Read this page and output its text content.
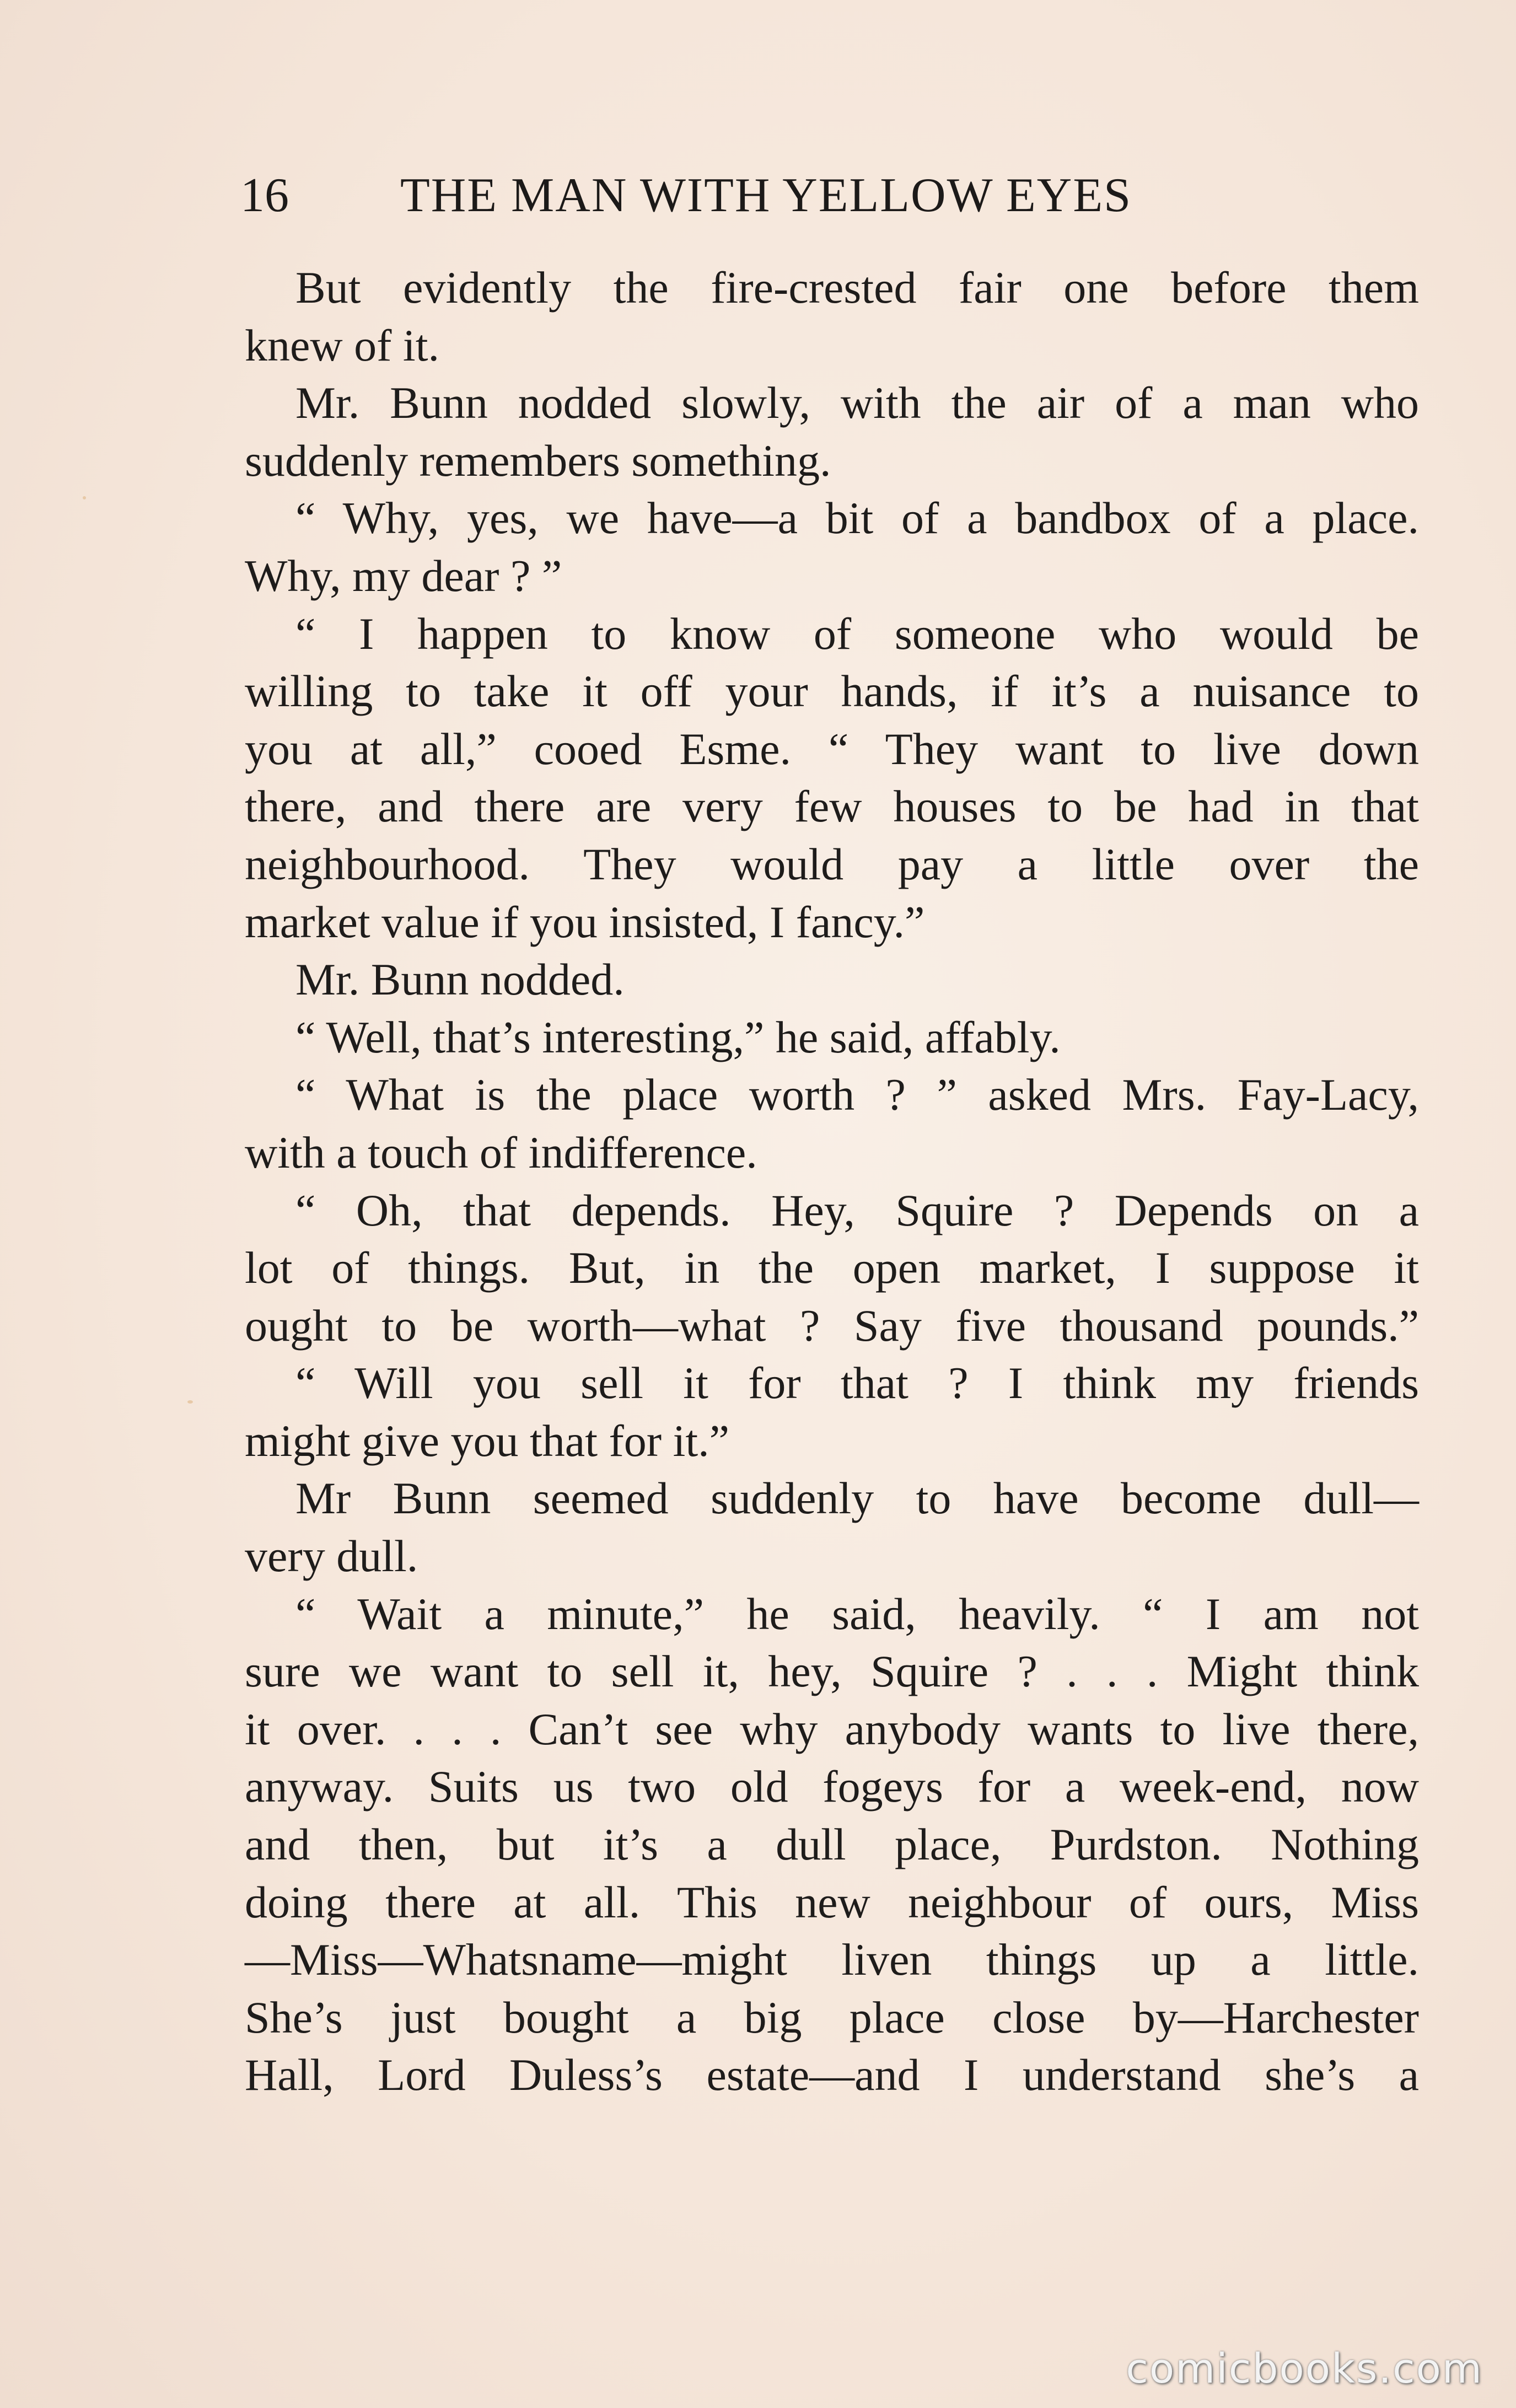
16 THE MAN WITH YELLOW EYES
But evidently the fire-crested fair one before them
knew of it.
Mr. Bunn nodded slowly, with the air of a man who
suddenly remembers something.
“ Why, yes, we have—a bit of a bandbox of a place.
Why, my dear ? ”
“ I happen to know of someone who would be
willing to take it off your hands, if it’s a nuisance to
you at all,” cooed Esme. “ They want to live down
there, and there are very few houses to be had in that
neighbourhood. They would pay a little over the
market value if you insisted, I fancy.”
Mr. Bunn nodded.
“ Well, that’s interesting,” he said, affably.
“ What is the place worth ? ” asked Mrs. Fay-Lacy,
with a touch of indifference.
“ Oh, that depends. Hey, Squire ? Depends on a
lot of things. But, in the open market, I suppose it
ought to be worth—what ? Say five thousand pounds.”
“ Will you sell it for that ? I think my friends
might give you that for it.”
Mr Bunn seemed suddenly to have become dull—
very dull.
“ Wait a minute,” he said, heavily. “ I am not
sure we want to sell it, hey, Squire ? . . . Might think
it over. . . . Can’t see why anybody wants to live there,
anyway. Suits us two old fogeys for a week-end, now
and then, but it’s a dull place, Purdston. Nothing
doing there at all. This new neighbour of ours, Miss
—Miss—Whatsname—might liven things up a little.
She’s just bought a big place close by—Harchester
Hall, Lord Duless’s estate—and I understand she’s a
comicbooks.com
